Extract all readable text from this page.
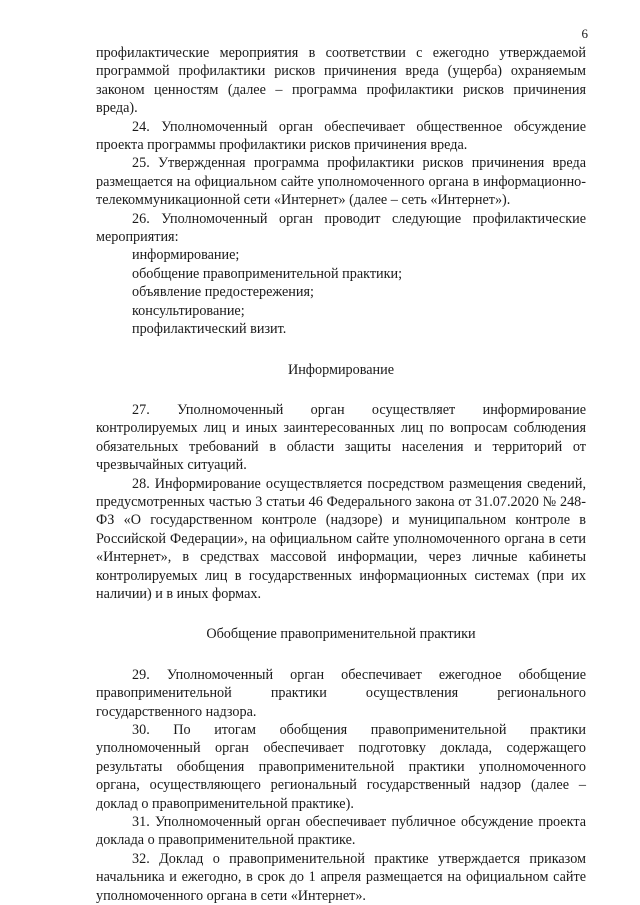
6

профилактические мероприятия в соответствии с ежегодно утверждаемой программой профилактики рисков причинения вреда (ущерба) охраняемым законом ценностям (далее – программа профилактики рисков причинения вреда).

24. Уполномоченный орган обеспечивает общественное обсуждение проекта программы профилактики рисков причинения вреда.

25. Утвержденная программа профилактики рисков причинения вреда размещается на официальном сайте уполномоченного органа в информационно-телекоммуникационной сети «Интернет» (далее – сеть «Интернет»).

26. Уполномоченный орган проводит следующие профилактические мероприятия:

информирование;
обобщение правоприменительной практики;
объявление предостережения;
консультирование;
профилактический визит.
Информирование

27. Уполномоченный орган осуществляет информирование контролируемых лиц и иных заинтересованных лиц по вопросам соблюдения обязательных требований в области защиты населения и территорий от чрезвычайных ситуаций.

28. Информирование осуществляется посредством размещения сведений, предусмотренных частью 3 статьи 46 Федерального закона от 31.07.2020 № 248-ФЗ «О государственном контроле (надзоре) и муниципальном контроле в Российской Федерации», на официальном сайте уполномоченного органа в сети «Интернет», в средствах массовой информации, через личные кабинеты контролируемых лиц в государственных информационных системах (при их наличии) и в иных формах.

Обобщение правоприменительной практики

29. Уполномоченный орган обеспечивает ежегодное обобщение правоприменительной практики осуществления регионального государственного надзора.

30. По итогам обобщения правоприменительной практики уполномоченный орган обеспечивает подготовку доклада, содержащего результаты обобщения правоприменительной практики уполномоченного органа, осуществляющего региональный государственный надзор (далее – доклад о правоприменительной практике).

31. Уполномоченный орган обеспечивает публичное обсуждение проекта доклада о правоприменительной практике.

32. Доклад о правоприменительной практике утверждается приказом начальника и ежегодно, в срок до 1 апреля размещается на официальном сайте уполномоченного органа в сети «Интернет».
